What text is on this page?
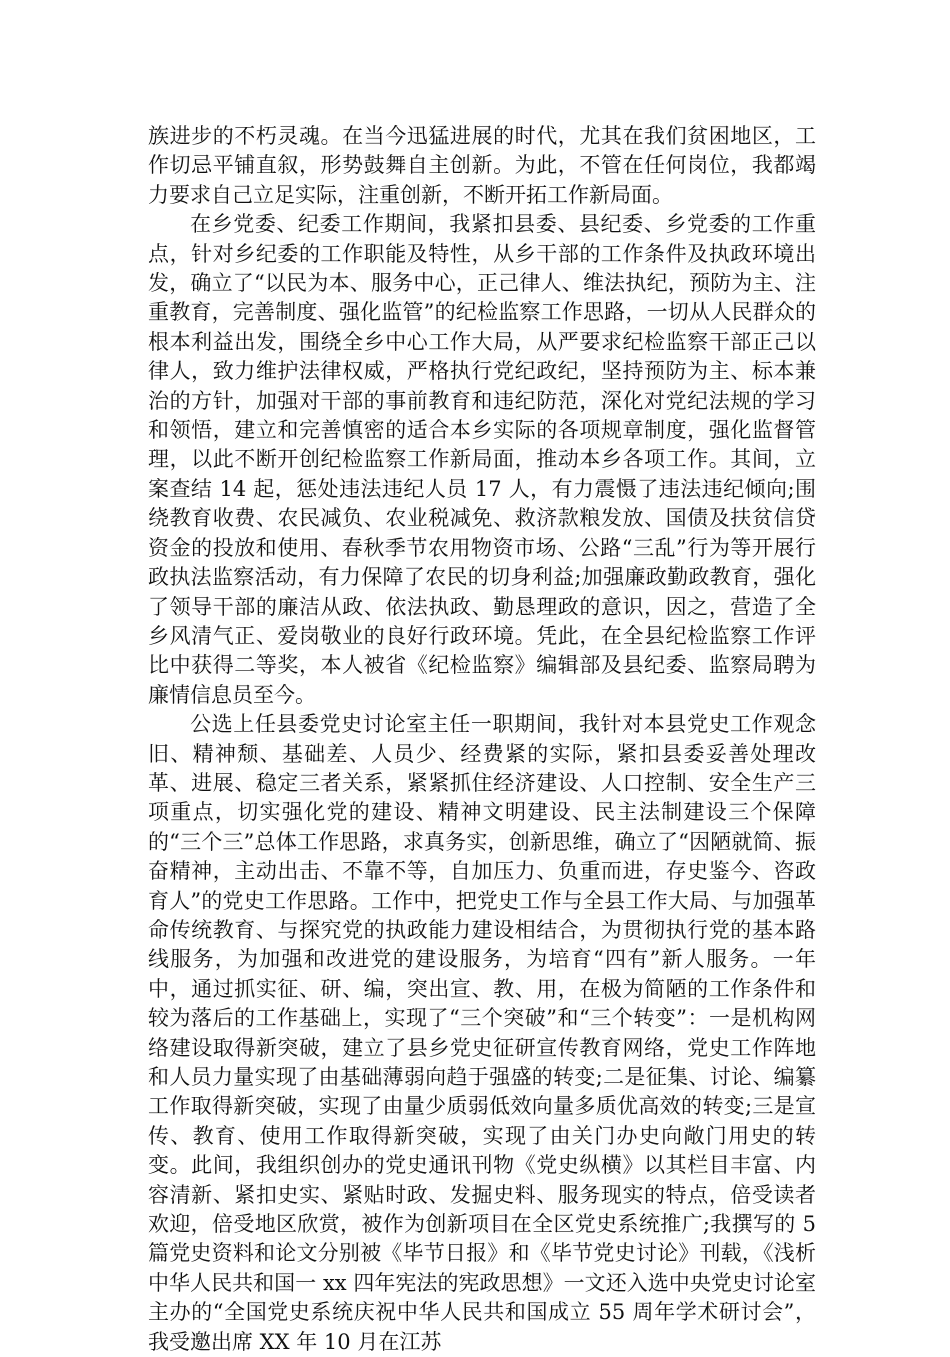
族进步的不朽灵魂。在当今迅猛进展的时代，尤其在我们贫困地区，工作切忌平铺直叙，形势鼓舞自主创新。为此，不管在任何岗位，我都竭力要求自己立足实际，注重创新，不断开拓工作新局面。

在乡党委、纪委工作期间，我紧扣县委、县纪委、乡党委的工作重点，针对乡纪委的工作职能及特性，从乡干部的工作条件及执政环境出发，确立了“以民为本、服务中心，正己律人、维法执纪，预防为主、注重教育，完善制度、强化监管”的纪检监察工作思路，一切从人民群众的根本利益出发，围绕全乡中心工作大局，从严要求纪检监察干部正己以律人，致力维护法律权威，严格执行党纪政纪，坚持预防为主、标本兼治的方针，加强对干部的事前教育和违纪防范，深化对党纪法规的学习和领悟，建立和完善慎密的适合本乡实际的各项规章制度，强化监督管理，以此不断开创纪检监察工作新局面，推动本乡各项工作。其间，立案查结 14 起，惩处违法违纪人员 17 人，有力震慑了违法违纪倾向;围绕教育收费、农民减负、农业税减免、救济款粮发放、国债及扶贫信贷资金的投放和使用、春秋季节农用物资市场、公路“三乱”行为等开展行政执法监察活动，有力保障了农民的切身利益;加强廉政勤政教育，强化了领导干部的廉洁从政、依法执政、勤恳理政的意识，因之，营造了全乡风清气正、爱岗敬业的良好行政环境。凭此，在全县纪检监察工作评比中获得二等奖，本人被省《纪检监察》编辑部及县纪委、监察局聘为廉情信息员至今。

公选上任县委党史讨论室主任一职期间，我针对本县党史工作观念旧、精神颓、基础差、人员少、经费紧的实际，紧扣县委妥善处理改革、进展、稳定三者关系，紧紧抓住经济建设、人口控制、安全生产三项重点，切实强化党的建设、精神文明建设、民主法制建设三个保障的“三个三”总体工作思路，求真务实，创新思维，确立了“因陋就简、振奋精神，主动出击、不靠不等，自加压力、负重而进，存史鉴今、咨政育人”的党史工作思路。工作中，把党史工作与全县工作大局、与加强革命传统教育、与探究党的执政能力建设相结合，为贯彻执行党的基本路线服务，为加强和改进党的建设服务，为培育“四有”新人服务。一年中，通过抓实征、研、编，突出宣、教、用，在极为简陋的工作条件和较为落后的工作基础上，实现了“三个突破”和“三个转变”：一是机构网络建设取得新突破，建立了县乡党史征研宣传教育网络，党史工作阵地和人员力量实现了由基础薄弱向趋于强盛的转变;二是征集、讨论、编纂工作取得新突破，实现了由量少质弱低效向量多质优高效的转变;三是宣传、教育、使用工作取得新突破，实现了由关门办史向敞门用史的转变。此间，我组织创办的党史通讯刊物《党史纵横》以其栏目丰富、内容清新、紧扣史实、紧贴时政、发掘史料、服务现实的特点，倍受读者欢迎，倍受地区欣赏，被作为创新项目在全区党史系统推广;我撰写的 5 篇党史资料和论文分别被《毕节日报》和《毕节党史讨论》刊载，《浅析中华人民共和国一 xx 四年宪法的宪政思想》一文还入选中央党史讨论室主办的“全国党史系统庆祝中华人民共和国成立 55 周年学术研讨会”，我受邀出席 XX 年 10 月在江苏
